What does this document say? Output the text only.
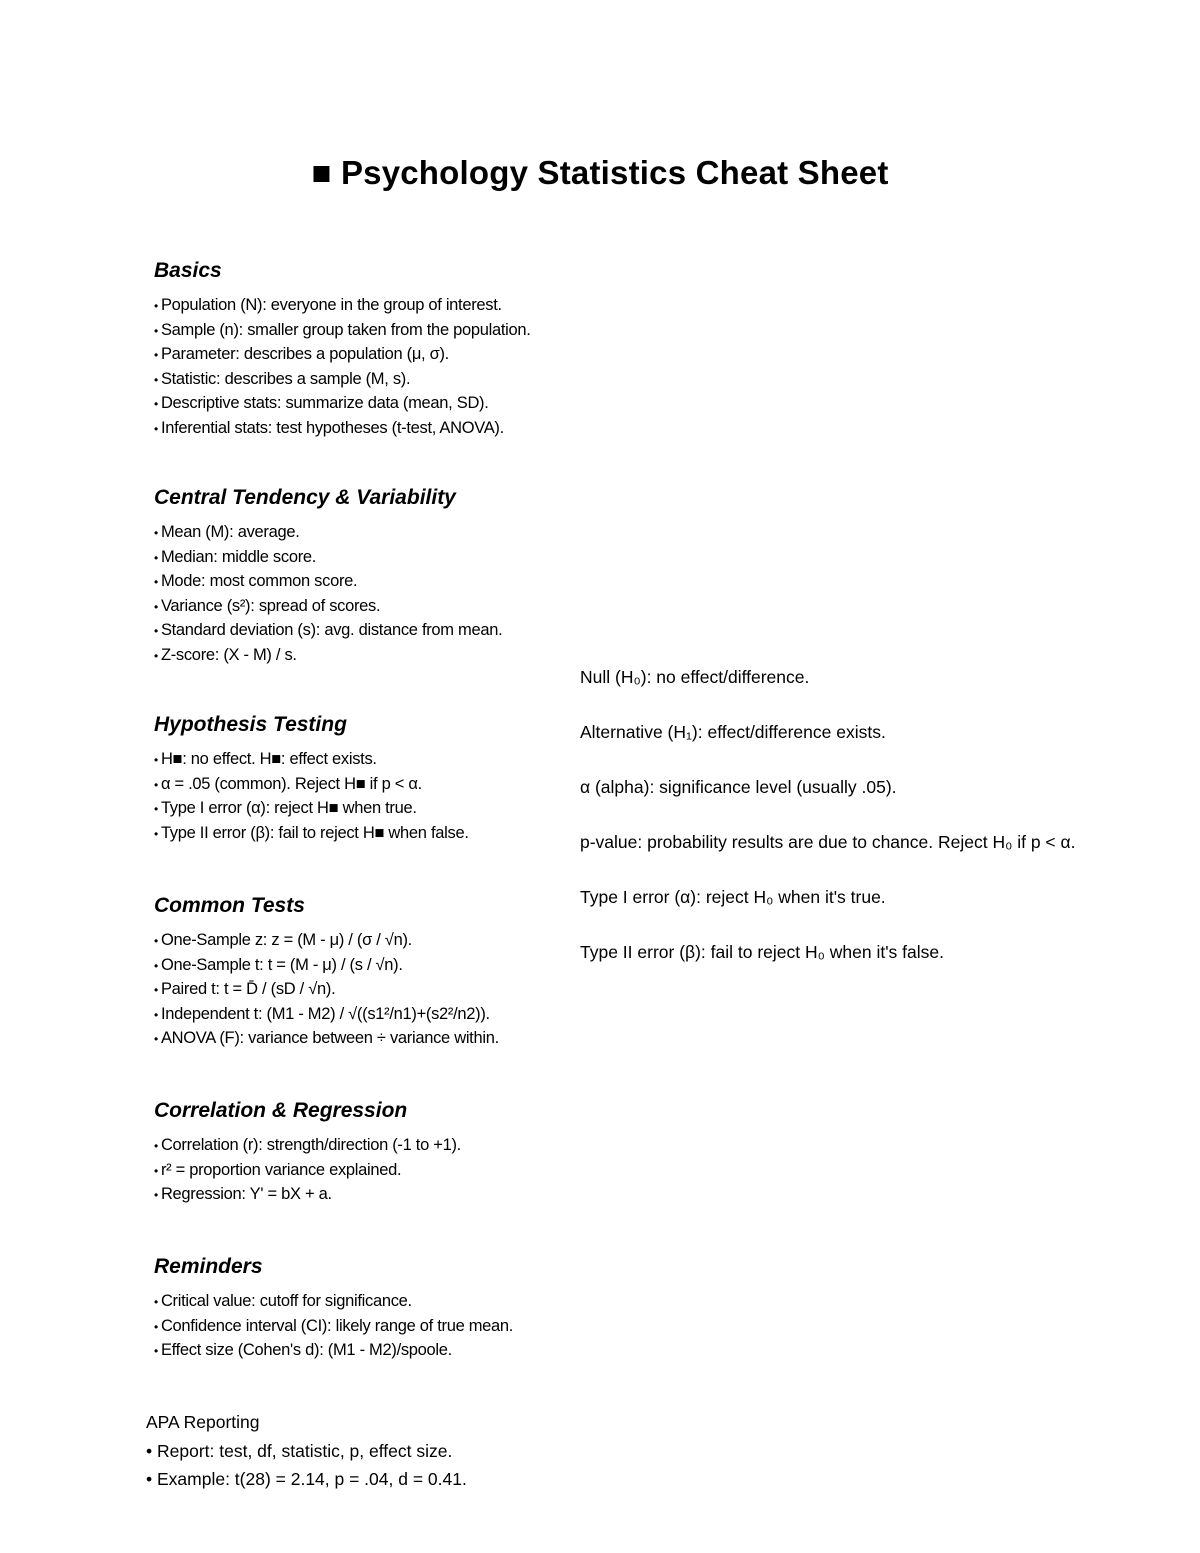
■ Psychology Statistics Cheat Sheet
Basics
• Population (N): everyone in the group of interest.
• Sample (n): smaller group taken from the population.
• Parameter: describes a population (μ, σ).
• Statistic: describes a sample (M, s).
• Descriptive stats: summarize data (mean, SD).
• Inferential stats: test hypotheses (t-test, ANOVA).
Central Tendency & Variability
• Mean (M): average.
• Median: middle score.
• Mode: most common score.
• Variance (s²): spread of scores.
• Standard deviation (s): avg. distance from mean.
• Z-score: (X - M) / s.
Hypothesis Testing
• H■: no effect. H■: effect exists.
• α = .05 (common). Reject H■ if p < α.
• Type I error (α): reject H■ when true.
• Type II error (β): fail to reject H■ when false.
Common Tests
• One-Sample z: z = (M - μ) / (σ / √n).
• One-Sample t: t = (M - μ) / (s / √n).
• Paired t: t = D̄ / (sD / √n).
• Independent t: (M1 - M2) / √((s1²/n1)+(s2²/n2)).
• ANOVA (F): variance between ÷ variance within.
Correlation & Regression
• Correlation (r): strength/direction (-1 to +1).
• r² = proportion variance explained.
• Regression: Y' = bX + a.
Reminders
• Critical value: cutoff for significance.
• Confidence interval (CI): likely range of true mean.
• Effect size (Cohen's d): (M1 - M2)/spoole.
APA Reporting
• Report: test, df, statistic, p, effect size.
• Example: t(28) = 2.14, p = .04, d = 0.41.

Null (H₀): no effect/difference.

Alternative (H₁): effect/difference exists.

α (alpha): significance level (usually .05).

p-value: probability results are due to chance. Reject H₀ if p < α.

Type I error (α): reject H₀ when it's true.

Type II error (β): fail to reject H₀ when it's false.
